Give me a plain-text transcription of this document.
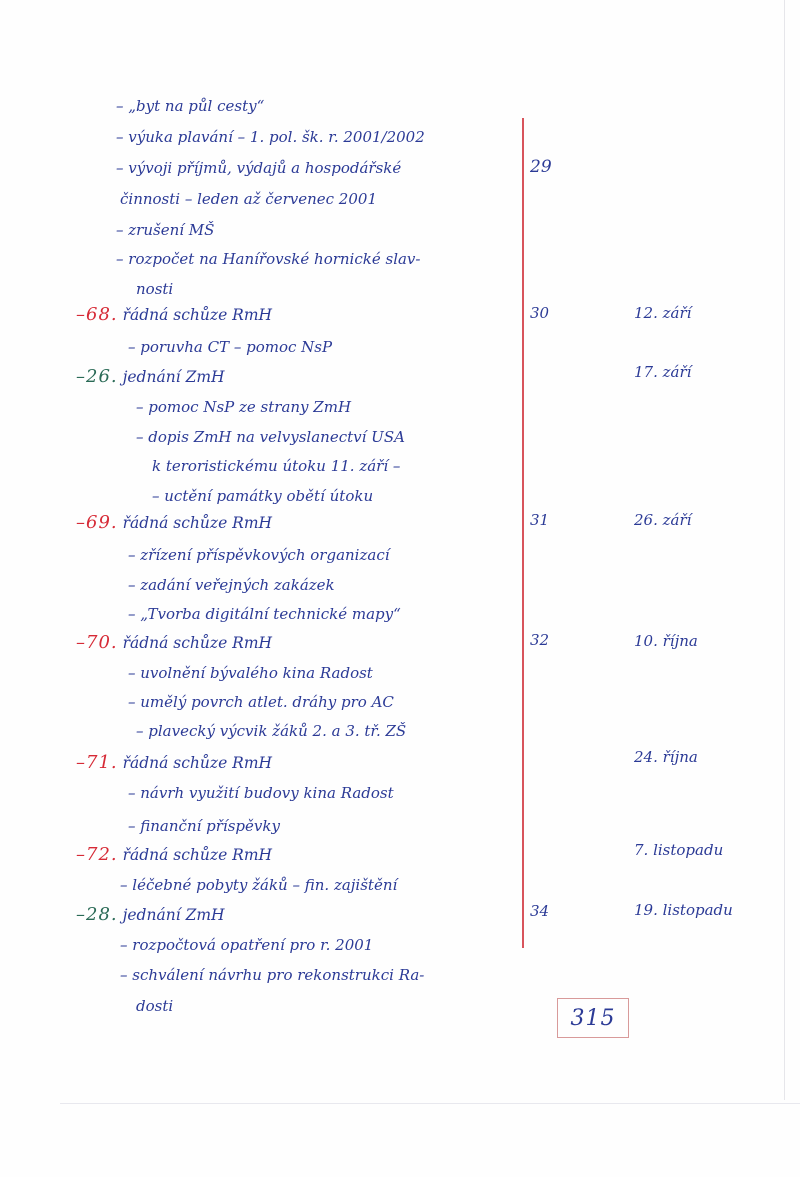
– „byt na půl cesty“
– výuka plavání – 1. pol. šk. r. 2001/2002
– vývoji příjmů, výdajů a hospodářské
činnosti – leden až červenec 2001
– zrušení MŠ
– rozpočet na Hanířovské hornické slav-
nosti
–68. řádná schůze RmH
– poruvha CT – pomoc NsP
–26. jednání ZmH
– pomoc NsP ze strany ZmH
– dopis ZmH na velvyslanectví USA
k teroristickému útoku 11. září –
– uctění památky obětí útoku
–69. řádná schůze RmH
– zřízení příspěvkových organizací
– zadání veřejných zakázek
– „Tvorba digitální technické mapy“
–70. řádná schůze RmH
– uvolnění bývalého kina Radost
– umělý povrch atlet. dráhy pro AC
– plavecký výcvik žáků 2. a 3. tř. ZŠ
–71. řádná schůze RmH
– návrh využití budovy kina Radost
– finanční příspěvky
–72. řádná schůze RmH
– léčebné pobyty žáků – fin. zajištění
–28. jednání ZmH
– rozpočtová opatření pro r. 2001
– schválení návrhu pro rekonstrukci Ra-
dosti
29
30
31
32
34
12. září
17. září
26. září
10. října
24. října
7. listopadu
19. listopadu
315
